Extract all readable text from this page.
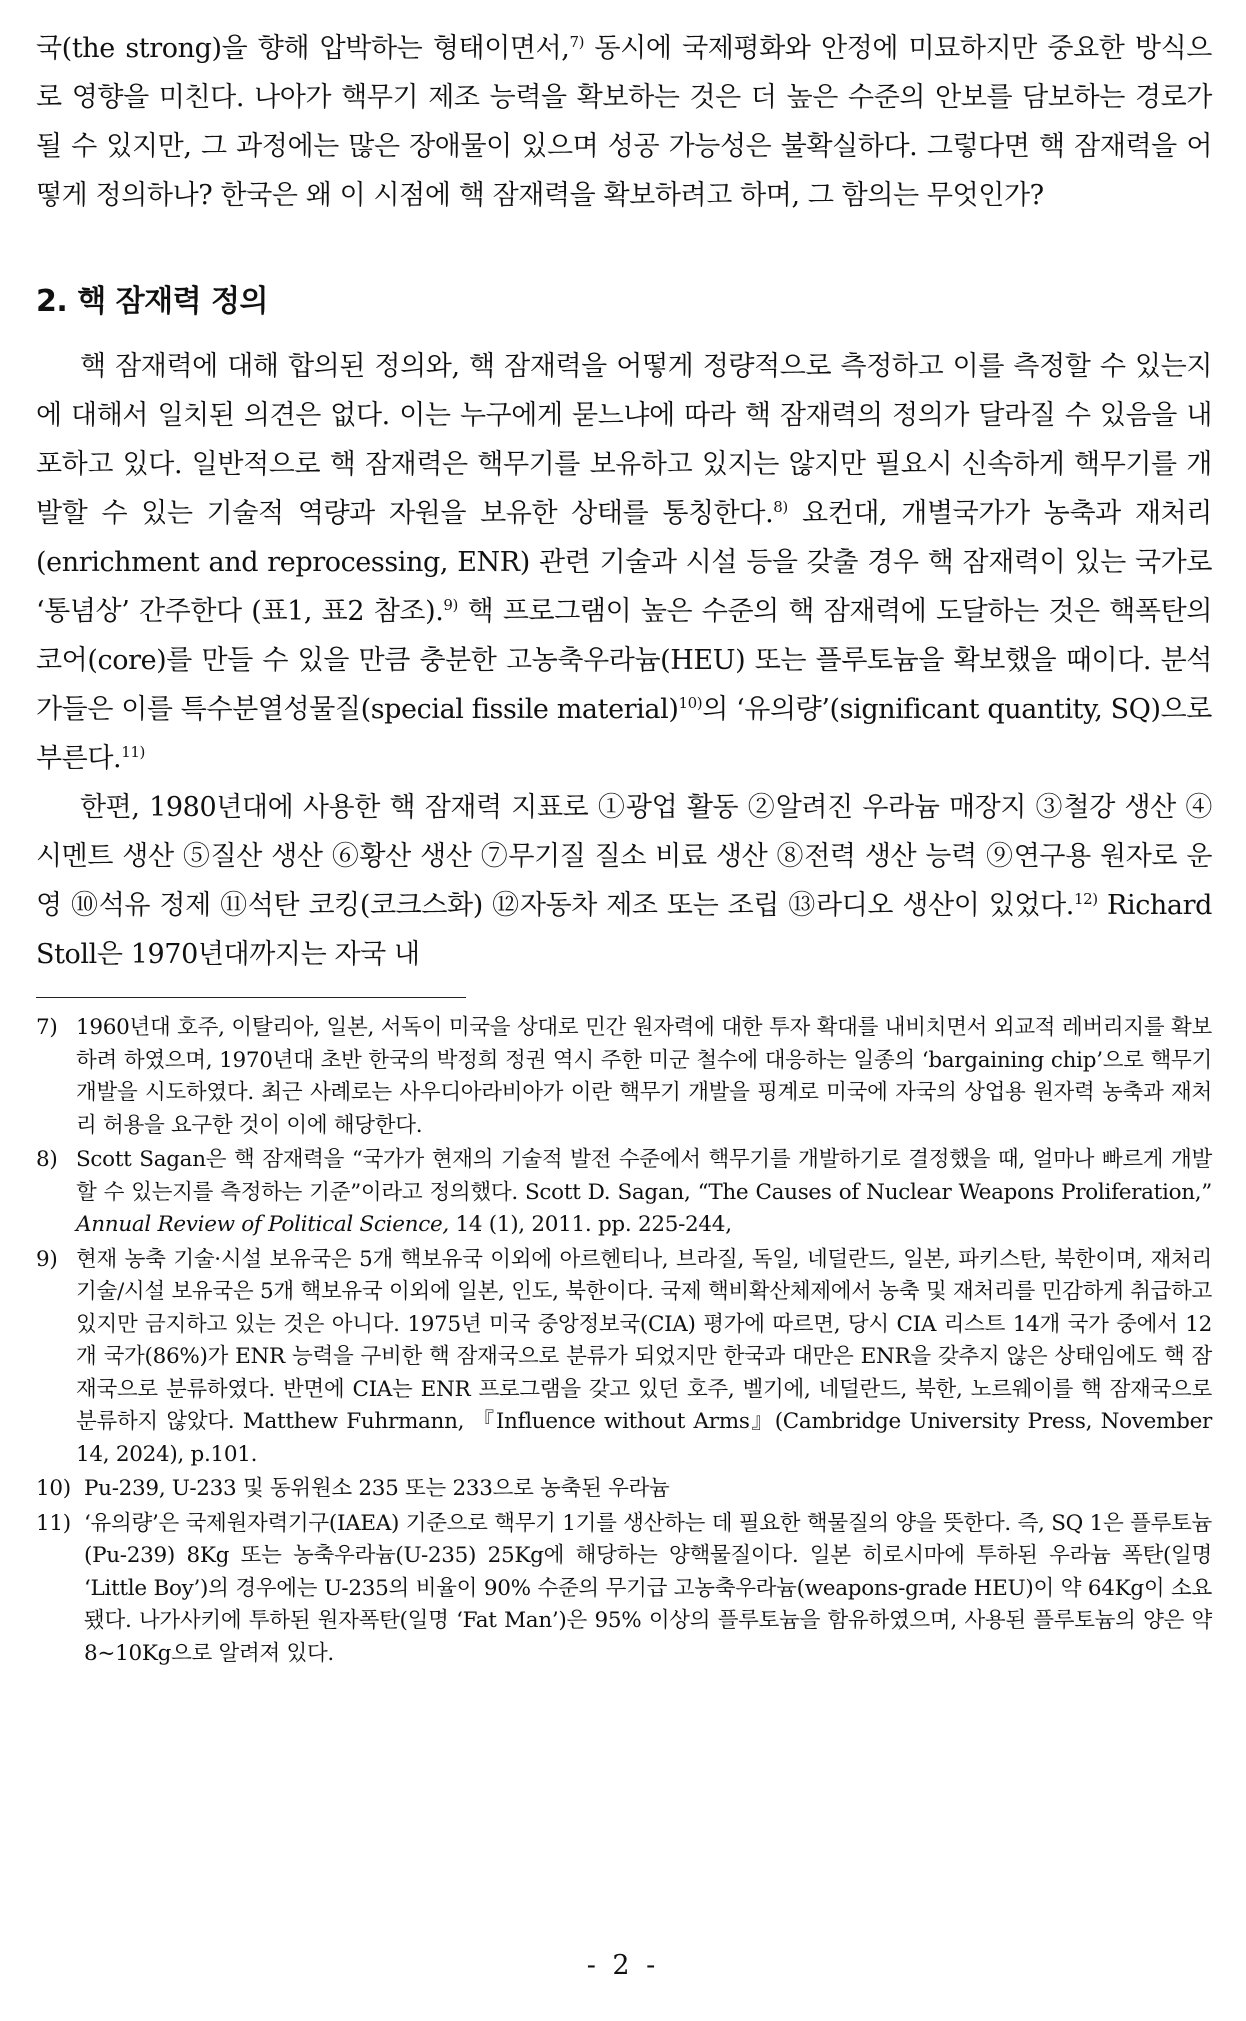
국(the strong)을 향해 압박하는 형태이면서,$^{7)}$ 동시에 국제평화와 안정에 미묘하지만 중요한 방식으로 영향을 미친다. 나아가 핵무기 제조 능력을 확보하는 것은 더 높은 수준의 안보를 담보하는 경로가 될 수 있지만, 그 과정에는 많은 장애물이 있으며 성공 가능성은 불확실하다. 그렇다면 핵 잠재력을 어떻게 정의하나? 한국은 왜 이 시점에 핵 잠재력을 확보하려고 하며, 그 함의는 무엇인가?

2. 핵 잠재력 정의

핵 잠재력에 대해 합의된 정의와, 핵 잠재력을 어떻게 정량적으로 측정하고 이를 측정할 수 있는지에 대해서 일치된 의견은 없다. 이는 누구에게 묻느냐에 따라 핵 잠재력의 정의가 달라질 수 있음을 내포하고 있다. 일반적으로 핵 잠재력은 핵무기를 보유하고 있지는 않지만 필요시 신속하게 핵무기를 개발할 수 있는 기술적 역량과 자원을 보유한 상태를 통칭한다.$^{8)}$ 요컨대, 개별국가가 농축과 재처리(enrichment and reprocessing, ENR) 관련 기술과 시설 등을 갖출 경우 핵 잠재력이 있는 국가로 ‘통념상’ 간주한다 (표1, 표2 참조).$^{9)}$ 핵 프로그램이 높은 수준의 핵 잠재력에 도달하는 것은 핵폭탄의 코어(core)를 만들 수 있을 만큼 충분한 고농축우라늄(HEU) 또는 플루토늄을 확보했을 때이다. 분석가들은 이를 특수분열성물질(special fissile material)$^{10)}$의 ‘유의량’(significant quantity, SQ)으로 부른다.$^{11)}$

한편, 1980년대에 사용한 핵 잠재력 지표로 ①광업 활동 ②알려진 우라늄 매장지 ③철강 생산 ④시멘트 생산 ⑤질산 생산 ⑥황산 생산 ⑦무기질 질소 비료 생산 ⑧전력 생산 능력 ⑨연구용 원자로 운영 ⑩석유 정제 ⑪석탄 코킹(코크스화) ⑫자동차 제조 또는 조립 ⑬라디오 생산이 있었다.$^{12)}$ Richard Stoll은 1970년대까지는 자국 내

7) 1960년대 호주, 이탈리아, 일본, 서독이 미국을 상대로 민간 원자력에 대한 투자 확대를 내비치면서 외교적 레버리지를 확보하려 하였으며, 1970년대 초반 한국의 박정희 정권 역시 주한 미군 철수에 대응하는 일종의 ‘bargaining chip’으로 핵무기 개발을 시도하였다. 최근 사례로는 사우디아라비아가 이란 핵무기 개발을 핑계로 미국에 자국의 상업용 원자력 농축과 재처리 허용을 요구한 것이 이에 해당한다.
8) Scott Sagan은 핵 잠재력을 “국가가 현재의 기술적 발전 수준에서 핵무기를 개발하기로 결정했을 때, 얼마나 빠르게 개발할 수 있는지를 측정하는 기준”이라고 정의했다. Scott D. Sagan, “The Causes of Nuclear Weapons Proliferation,” Annual Review of Political Science, 14 (1), 2011. pp. 225-244,
9) 현재 농축 기술·시설 보유국은 5개 핵보유국 이외에 아르헨티나, 브라질, 독일, 네덜란드, 일본, 파키스탄, 북한이며, 재처리 기술/시설 보유국은 5개 핵보유국 이외에 일본, 인도, 북한이다. 국제 핵비확산체제에서 농축 및 재처리를 민감하게 취급하고 있지만 금지하고 있는 것은 아니다. 1975년 미국 중앙정보국(CIA) 평가에 따르면, 당시 CIA 리스트 14개 국가 중에서 12개 국가(86%)가 ENR 능력을 구비한 핵 잠재국으로 분류가 되었지만 한국과 대만은 ENR을 갖추지 않은 상태임에도 핵 잠재국으로 분류하였다. 반면에 CIA는 ENR 프로그램을 갖고 있던 호주, 벨기에, 네덜란드, 북한, 노르웨이를 핵 잠재국으로 분류하지 않았다. Matthew Fuhrmann, 『Influence without Arms』(Cambridge University Press, November 14, 2024), p.101.
10) Pu-239, U-233 및 동위원소 235 또는 233으로 농축된 우라늄
11) ‘유의량’은 국제원자력기구(IAEA) 기준으로 핵무기 1기를 생산하는 데 필요한 핵물질의 양을 뜻한다. 즉, SQ 1은 플루토늄 (Pu-239) 8Kg 또는 농축우라늄(U-235) 25Kg에 해당하는 양핵물질이다. 일본 히로시마에 투하된 우라늄 폭탄(일명 ‘Little Boy’)의 경우에는 U-235의 비율이 90% 수준의 무기급 고농축우라늄(weapons-grade HEU)이 약 64Kg이 소요됐다. 나가사키에 투하된 원자폭탄(일명 ‘Fat Man’)은 95% 이상의 플루토늄을 함유하였으며, 사용된 플루토늄의 양은 약 8~10Kg으로 알려져 있다.
- 2 -
